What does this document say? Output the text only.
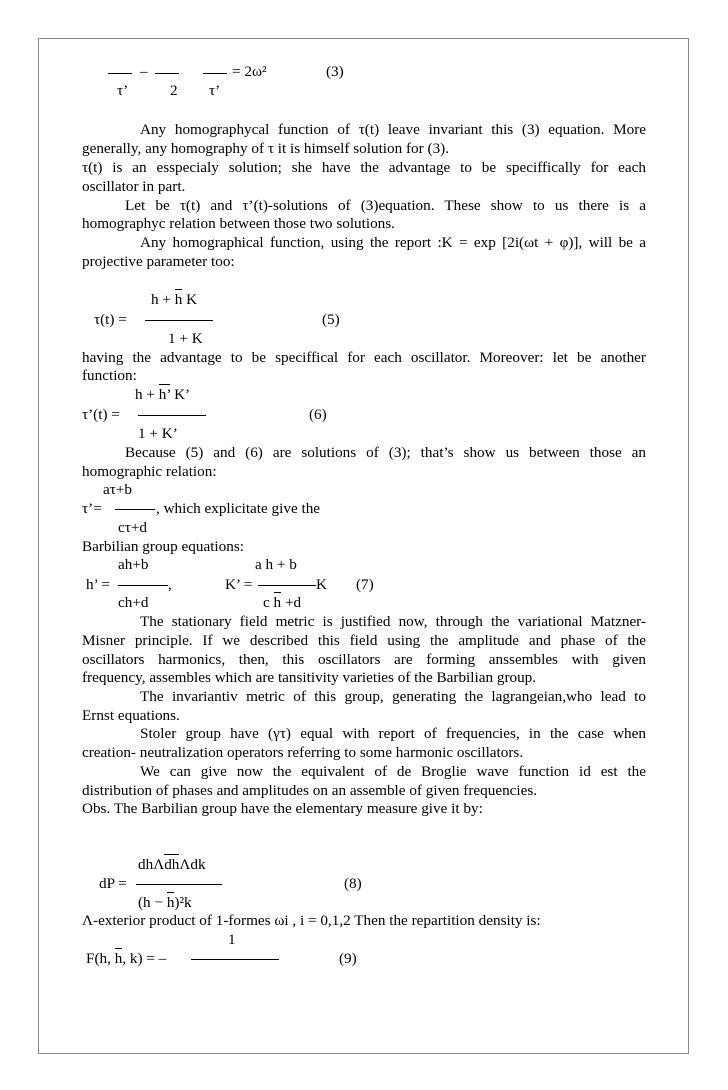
–	= 2ω²	(3)
τ’	2 τ’
Any homographycal function of τ(t) leave invariant this (3) equation. More
generally, any homography of τ it is himself solution for (3).
τ(t) is an esspecialy solution; she have the advantage to be speciffically for each
oscillator in part.
Let be τ(t) and τ’(t)-solutions of (3)equation. These show to us there is a
homographyc relation between those two solutions.
Any homographical function, using the report :K = exp [2i(ωt + φ)], will be a
projective parameter too:
h +
h K
τ(t) =	(5)
1 + K
having the advantage to be speciffical for each oscillator. Moreover: let be another
function:
h +
h’ K’
τ’(t) =	(6)
1 + K’
Because (5) and (6) are solutions of (3); that’s show us between those an
homographic relation:
aτ+b
τ’=	, which explicitate give the
cτ+d
Barbilian group equations:
ah+b	a h + b
h’ =	,	K’ =	K (7)
ch+d	c
h +d
The stationary field metric is justified now, through the variational Matzner-
Misner principle. If we described this field using the amplitude and phase of the
oscillators harmonics, then, this oscillators are forming anssembles with given
frequency, assembles which are tansitivity varieties of the Barbilian group.
The invariantiv metric of this group, generating the lagrangeian,who lead to
Ernst equations.
Stoler group have (γτ) equal with report of frequencies, in the case when
creation- neutralization operators referring to some harmonic oscillators.
We can give now the equivalent of de Broglie wave function id est the
distribution of phases and amplitudes on an assemble of given frequencies.
Obs. The Barbilian group have the elementary measure give it by:
dhΛ
dhΛdk
dP =	(8)
(h −
h)²k
Λ-exterior product of 1-formes ωi , i = 0,1,2 Then the repartition density is:
1
F(h,
h, k) = –	(9)
